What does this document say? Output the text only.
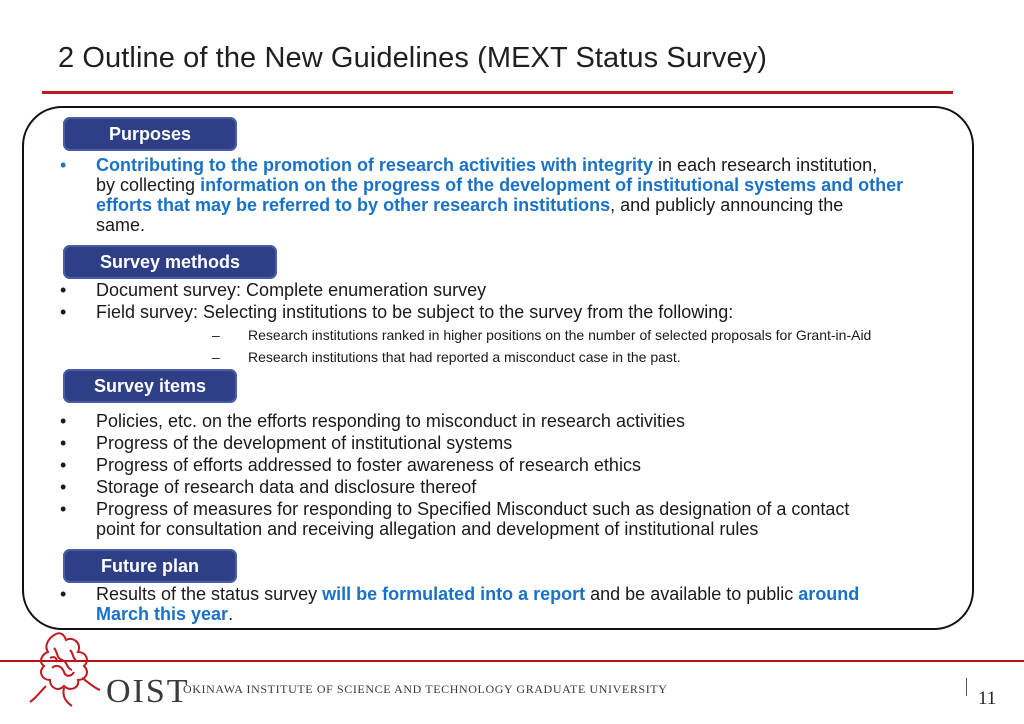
2 Outline of the New Guidelines (MEXT Status Survey)
Purposes
• Contributing to the promotion of research activities with integrity in each research institution,
by collecting information on the progress of the development of institutional systems and other
efforts that may be referred to by other research institutions, and publicly announcing the
same.
Survey methods
• Document survey: Complete enumeration survey
• Field survey: Selecting institutions to be subject to the survey from the following:
– Research institutions ranked in higher positions on the number of selected proposals for Grant-in-Aid
– Research institutions that had reported a misconduct case in the past.
Survey items
• Policies, etc. on the efforts responding to misconduct in research activities
• Progress of the development of institutional systems
• Progress of efforts addressed to foster awareness of research ethics
• Storage of research data and disclosure thereof
• Progress of measures for responding to Specified Misconduct such as designation of a contact
point for consultation and receiving allegation and development of institutional rules
Future plan
• Results of the status survey will be formulated into a report and be available to public around
March this year.
OIST
OKINAWA INSTITUTE OF SCIENCE AND TECHNOLOGY GRADUATE UNIVERSITY	11
